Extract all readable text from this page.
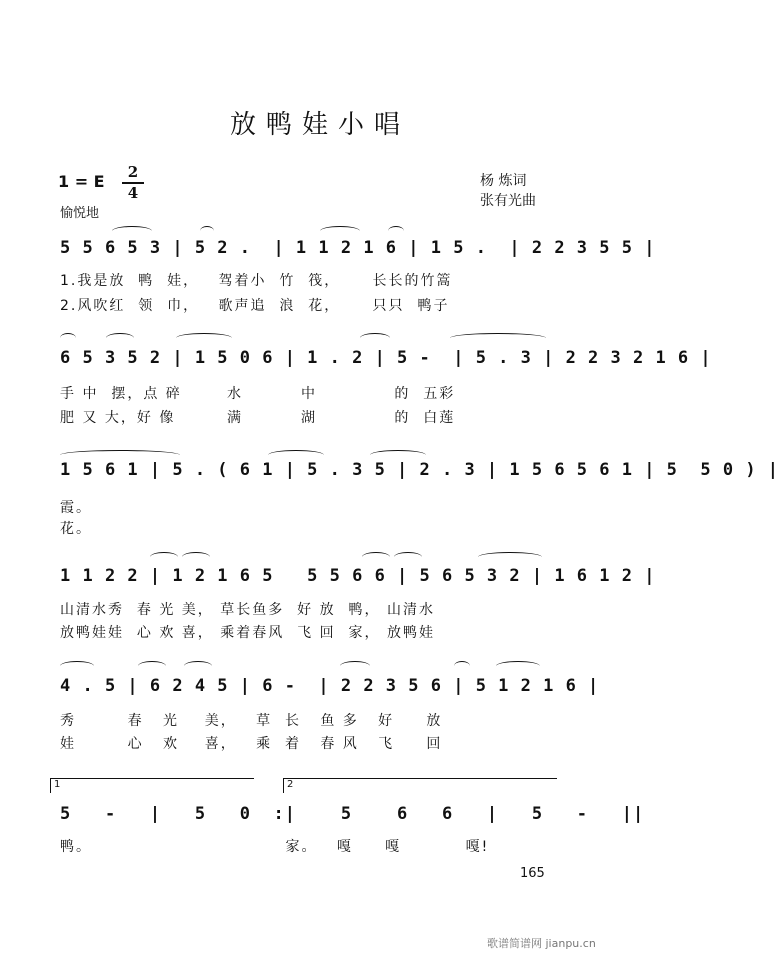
放鸭娃小唱
1 = E	2
4
愉悦地
杨 炼词
张有光曲
5 5 6 5 3 | 5 2 .  | 1 1 2 1 6 | 1 5 .  | 2 2 3 5 5 |
1.我是放  鸭  娃，   驾着小  竹  筏，     长长的竹篙
2.风吹红  领  巾，   歌声追  浪  花，     只只  鸭子
6 5 3 5 2 | 1 5 0 6 | 1 . 2 | 5 -  | 5 . 3 | 2 2 3 2 1 6 |
手 中  摆，点 碎       水         中            的  五彩
肥 又 大，好 像        满         湖            的  白莲
1 5 6 1 | 5 . ( 6 1 | 5 . 3 5 | 2 . 3 | 1 5 6 5 6 1 | 5  5 0 ) |
霞。
花。
1 1 2 2 | 1 2 1 6 5   5 5 6 6 | 5 6 5 3 2 | 1 6 1 2 |
山清水秀  春 光 美， 草长鱼多  好 放  鸭， 山清水
放鸭娃娃  心 欢 喜， 乘着春风  飞 回  家， 放鸭娃
4 . 5 | 6 2 4 5 | 6 -  | 2 2 3 5 6 | 5 1 2 1 6 |
秀        春   光    美，   草  长   鱼 多   好     放
娃        心   欢    喜，   乘  着   春 风   飞     回
1	2
5   -   |   5   0  :|    5    6   6   |   5   -   ||
鸭。                              家。   嘎     嘎          嘎!
165
歌谱简谱网 jianpu.cn
